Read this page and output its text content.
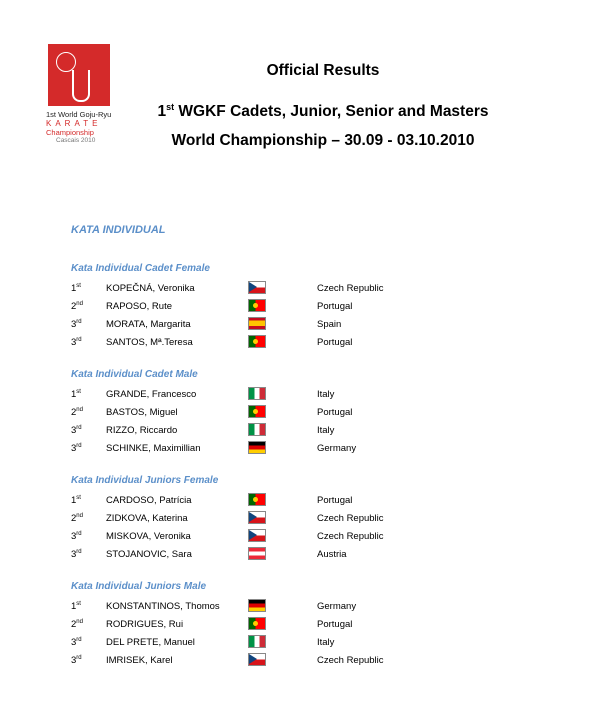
1st World Goju-Ryu
KARATE
Championship
Cascais 2010
Official Results
1st WGKF Cadets, Junior, Senior and Masters
World Championship – 30.09 - 03.10.2010
KATA INDIVIDUAL
Kata Individual Cadet Female
1st	KOPEČNÁ, Veronika	Czech Republic
2nd RAPOSO, Rute	Portugal
3rd	MORATA, Margarita	Spain
3rd	SANTOS, Mª.Teresa	Portugal
Kata Individual Cadet Male
1st	GRANDE, Francesco	Italy
2nd BASTOS, Miguel	Portugal
3rd	RIZZO, Riccardo	Italy
3rd	SCHINKE, Maximillian	Germany
Kata Individual Juniors Female
1st	CARDOSO, Patrícia	Portugal
2nd ZIDKOVA, Katerina	Czech Republic
3rd	MISKOVA, Veronika	Czech Republic
3rd	STOJANOVIC, Sara	Austria
Kata Individual Juniors Male
1st	KONSTANTINOS, Thomos	Germany
2nd RODRIGUES, Rui	Portugal
3rd	DEL PRETE, Manuel	Italy
3rd	IMRISEK, Karel	Czech Republic
